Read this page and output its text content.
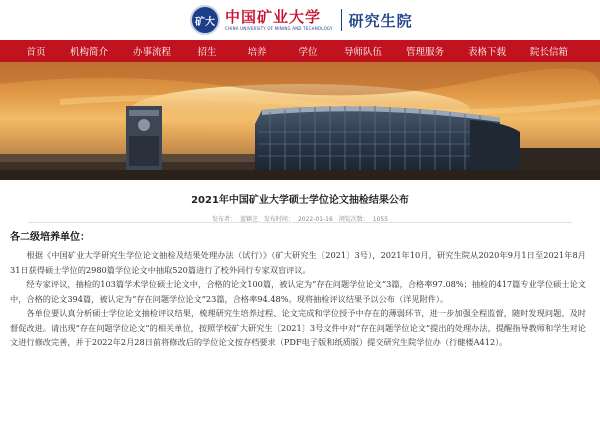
矿大 中国矿业大学
CHINA UNIVERSITY OF MINING AND TECHNOLOGY 研究生院
首页	机构简介	办事流程	招生	培养	学位	导师队伍	管理服务	表格下载	院长信箱
2021年中国矿业大学硕士学位论文抽检结果公布
发布者： 蓝颖芝 发布时间： 2022-01-16 浏览次数： 1055
各二级培养单位：

根据《中国矿业大学研究生学位论文抽检及结果处理办法（试行）》（矿大研究生〔2021〕3号），2021年10月，研究生院从2020年9月1日至2021年8月31日获得硕士学位的2980篇学位论文中抽取520篇进行了校外同行专家双盲评议。

经专家评议，抽检的103篇学术学位硕士论文中，合格的论文100篇，被认定为“存在问题学位论文”3篇，合格率97.08%；抽检的417篇专业学位硕士论文中，合格的论文394篇，被认定为“存在问题学位论文”23篇，合格率94.48%。现将抽检评议结果予以公布（详见附件）。

各单位要认真分析硕士学位论文抽检评议结果，梳理研究生培养过程、论文完成和学位授予中存在的薄弱环节，进一步加强全程监督，随时发现问题、及时督促改进。请出现“存在问题学位论文”的相关单位，按照学校矿大研究生〔2021〕3号文件中对“存在问题学位论文”提出的处理办法，提醒指导教师和学生对论文进行修改完善，并于2022年2月28日前将修改后的学位论文按存档要求（PDF电子版和纸质版）提交研究生院学位办（行健楼A412）。
